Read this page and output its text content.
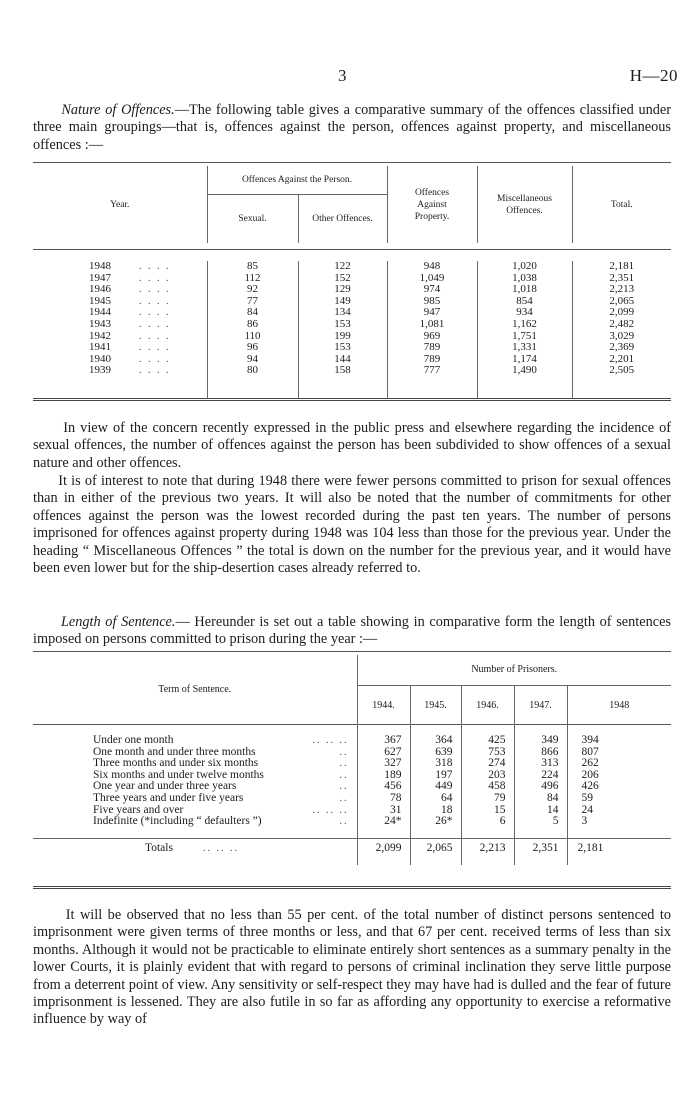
3	H—20

Nature of Offences.—The following table gives a comparative summary of the offences classified under three main groupings—that is, offences against the person, offences against property, and miscellaneous offences :—

Year.	Offences Against the Person.		Offences Against Property.	Miscellaneous Offences.	Total.
	Sexual.	Other Offences.			

1948 . . . .	85	122	948	1,020	2,181
1947 . . . .	112	152	1,049	1,038	2,351
1946 . . . .	92	129	974	1,018	2,213
1945 . . . .	77	149	985	854	2,065
1944 . . . .	84	134	947	934	2,099
1943 . . . .	86	153	1,081	1,162	2,482
1942 . . . .	110	199	969	1,751	3,029
1941 . . . .	96	153	789	1,331	2,369
1940 . . . .	94	144	789	1,174	2,201
1939 . . . .	80	158	777	1,490	2,505

In view of the concern recently expressed in the public press and elsewhere regarding the incidence of sexual offences, the number of offences against the person has been subdivided to show offences of a sexual nature and other offences.

It is of interest to note that during 1948 there were fewer persons committed to prison for sexual offences than in either of the previous two years. It will also be noted that the number of commitments for other offences against the person was the lowest recorded during the past ten years. The number of persons imprisoned for offences against property during 1948 was 104 less than those for the previous year. Under the heading “ Miscellaneous Offences ” the total is down on the number for the previous year, and it would have been even lower but for the ship-desertion cases already referred to.

Length of Sentence.— Hereunder is set out a table showing in comparative form the length of sentences imposed on persons committed to prison during the year :—

Term of Sentence.	Number of Prisoners.				
	1944.	1945.	1946.	1947.	1948

Under one month .. .. ..	367	364	425	349	394
One month and under three months ..	627	639	753	866	807
Three months and under six months ..	327	318	274	313	262
Six months and under twelve months ..	189	197	203	224	206
One year and under three years ..	456	449	458	496	426
Three years and under five years ..	78	64	79	84	59
Five years and over .. .. ..	31	18	15	14	24
Indefinite (*including “ defaulters ”) ..	24*	26*	6	5	3

Totals .. .. ..	2,099	2,065	2,213	2,351	2,181

It will be observed that no less than 55 per cent. of the total number of distinct persons sentenced to imprisonment were given terms of three months or less, and that 67 per cent. received terms of less than six months. Although it would not be practicable to eliminate entirely short sentences as a summary penalty in the lower Courts, it is plainly evident that with regard to persons of criminal inclination they serve little purpose from a deterrent point of view. Any sensitivity or self-respect they may have had is dulled and the fear of future imprisonment is lessened. They are also futile in so far as affording any opportunity to exercise a reformative influence by way of
